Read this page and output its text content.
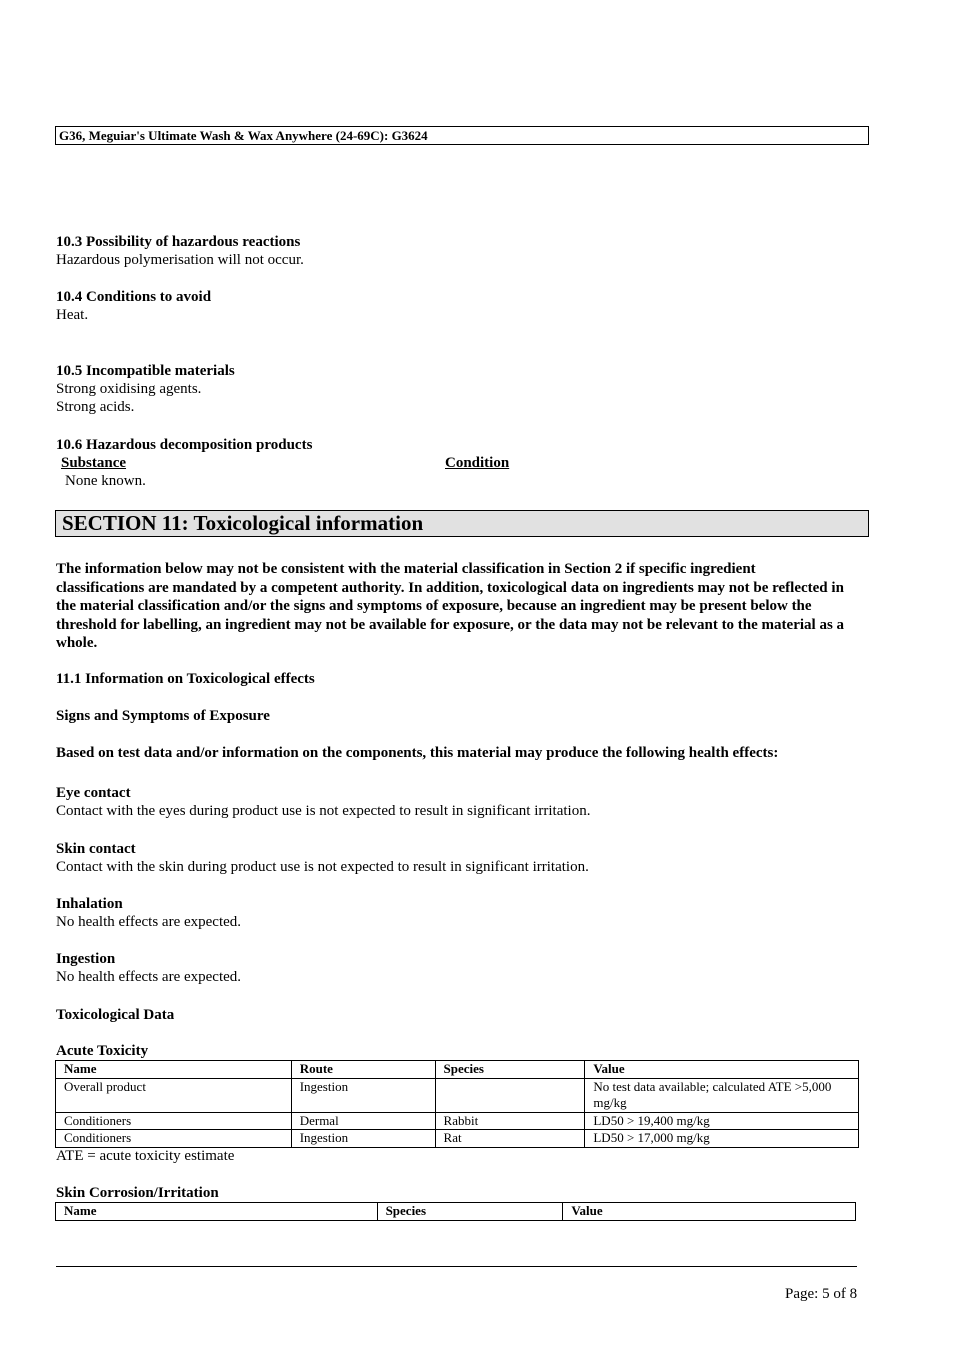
G36, Meguiar's Ultimate Wash & Wax Anywhere (24-69C): G3624
10.3 Possibility of hazardous reactions
Hazardous polymerisation will not occur.
10.4 Conditions to avoid
Heat.
10.5 Incompatible materials
Strong oxidising agents.
Strong acids.
10.6 Hazardous decomposition products
Substance	Condition
None known.
SECTION 11: Toxicological information
The information below may not be consistent with the material classification in Section 2 if specific ingredient classifications are mandated by a competent authority. In addition, toxicological data on ingredients may not be reflected in the material classification and/or the signs and symptoms of exposure, because an ingredient may be present below the threshold for labelling, an ingredient may not be available for exposure, or the data may not be relevant to the material as a whole.
11.1 Information on Toxicological effects
Signs and Symptoms of Exposure
Based on test data and/or information on the components, this material may produce the following health effects:
Eye contact
Contact with the eyes during product use is not expected to result in significant irritation.
Skin contact
Contact with the skin during product use is not expected to result in significant irritation.
Inhalation
No health effects are expected.
Ingestion
No health effects are expected.
Toxicological Data
Acute Toxicity
Name	Route	Species	Value
Overall product	Ingestion		No test data available; calculated ATE >5,000 mg/kg
Conditioners	Dermal	Rabbit	LD50 > 19,400 mg/kg
Conditioners	Ingestion	Rat	LD50 > 17,000 mg/kg
ATE = acute toxicity estimate
Skin Corrosion/Irritation
Name	Species	Value
Page: 5 of 8
